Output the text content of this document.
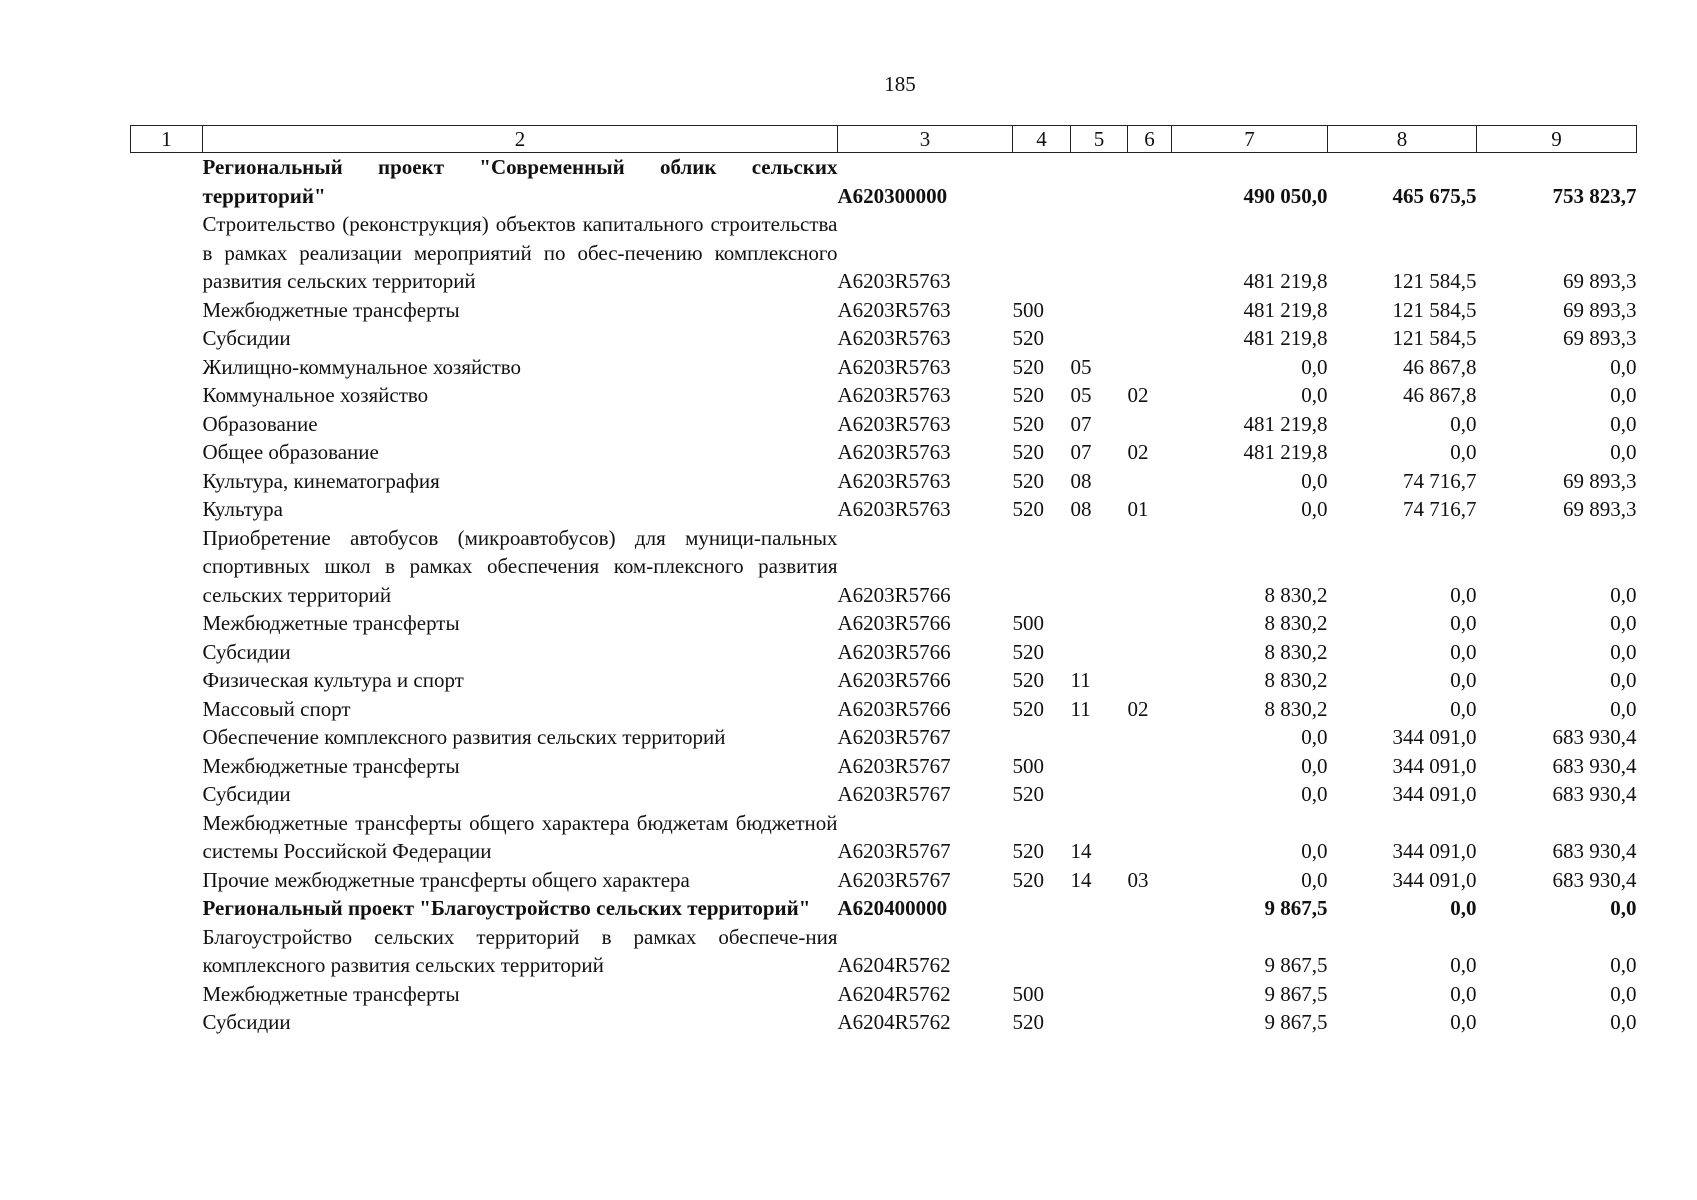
185
1	2	3	4	5	6	7	8	9
	Региональный проект "Современный облик сельских территорий"	А620300000				490 050,0	465 675,5	753 823,7
	Строительство (реконструкция) объектов капитального строительства в рамках реализации мероприятий по обес-печению комплексного развития сельских территорий	А6203R5763				481 219,8	121 584,5	69 893,3
	Межбюджетные трансферты	А6203R5763	500			481 219,8	121 584,5	69 893,3
	Субсидии	А6203R5763	520			481 219,8	121 584,5	69 893,3
	Жилищно-коммунальное хозяйство	А6203R5763	520	05		0,0	46 867,8	0,0
	Коммунальное хозяйство	А6203R5763	520	05	02	0,0	46 867,8	0,0
	Образование	А6203R5763	520	07		481 219,8	0,0	0,0
	Общее образование	А6203R5763	520	07	02	481 219,8	0,0	0,0
	Культура, кинематография	А6203R5763	520	08		0,0	74 716,7	69 893,3
	Культура	А6203R5763	520	08	01	0,0	74 716,7	69 893,3
	Приобретение автобусов (микроавтобусов) для муници-пальных спортивных школ в рамках обеспечения ком-плексного развития сельских территорий	А6203R5766				8 830,2	0,0	0,0
	Межбюджетные трансферты	А6203R5766	500			8 830,2	0,0	0,0
	Субсидии	А6203R5766	520			8 830,2	0,0	0,0
	Физическая культура и спорт	А6203R5766	520	11		8 830,2	0,0	0,0
	Массовый спорт	А6203R5766	520	11	02	8 830,2	0,0	0,0
	Обеспечение комплексного развития сельских территорий	А6203R5767				0,0	344 091,0	683 930,4
	Межбюджетные трансферты	А6203R5767	500			0,0	344 091,0	683 930,4
	Субсидии	А6203R5767	520			0,0	344 091,0	683 930,4
	Межбюджетные трансферты общего характера бюджетам бюджетной системы Российской Федерации	А6203R5767	520	14		0,0	344 091,0	683 930,4
	Прочие межбюджетные трансферты общего характера	А6203R5767	520	14	03	0,0	344 091,0	683 930,4
	Региональный проект "Благоустройство сельских территорий"	А620400000				9 867,5	0,0	0,0
	Благоустройство сельских территорий в рамках обеспече-ния комплексного развития сельских территорий	А6204R5762				9 867,5	0,0	0,0
	Межбюджетные трансферты	А6204R5762	500			9 867,5	0,0	0,0
	Субсидии	А6204R5762	520			9 867,5	0,0	0,0
